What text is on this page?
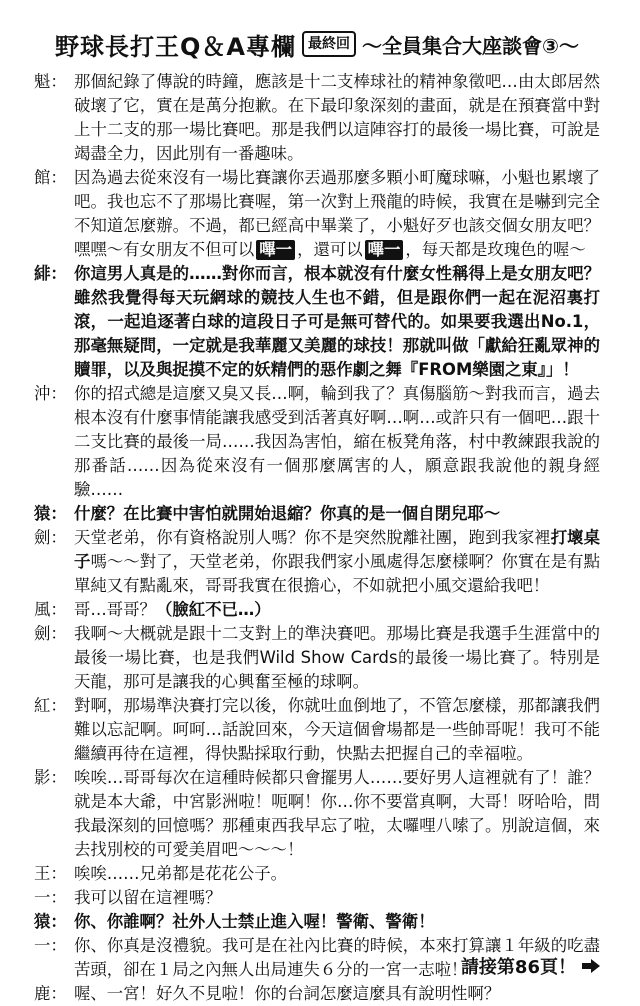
野球長打王Q＆A專欄 最終回 ～全員集合大座談會③～

魁： 那個紀錄了傳說的時鐘，應該是十二支棒球社的精神象徵吧…由太郎居然破壞了它，實在是萬分抱歉。在下最印象深刻的畫面，就是在預賽當中對上十二支的那一場比賽吧。那是我們以這陣容打的最後一場比賽，可說是竭盡全力，因此別有一番趣味。

館： 因為過去從來沒有一場比賽讓你丟過那麼多顆小町魔球嘛，小魁也累壞了吧。我也忘不了那場比賽喔，第一次對上飛龍的時候，我實在是嚇到完全不知道怎麼辦。不過，都已經高中畢業了，小魁好歹也該交個女朋友吧？嘿嘿～有女朋友不但可以 嗶一 ，還可以 嗶一 ，每天都是玫瑰色的喔～

緋： 你這男人真是的……對你而言，根本就沒有什麼女性稱得上是女朋友吧？雖然我覺得每天玩網球的競技人生也不錯，但是跟你們一起在泥沼裏打滾，一起追逐著白球的這段日子可是無可替代的。如果要我選出No.1，那毫無疑問，一定就是我華麗又美麗的球技！那就叫做「獻給狂亂眾神的贖罪，以及與捉摸不定的妖精們的惡作劇之舞『FROM樂園之東』」！

沖： 你的招式總是這麼又臭又長…啊，輪到我了？真傷腦筋～對我而言，過去根本沒有什麼事情能讓我感受到活著真好啊…啊…或許只有一個吧…跟十二支比賽的最後一局……我因為害怕，縮在板凳角落，村中教練跟我說的那番話……因為從來沒有一個那麼厲害的人，願意跟我說他的親身經驗……

猿： 什麼？在比賽中害怕就開始退縮？你真的是一個自閉兒耶～

劍： 天堂老弟，你有資格說別人嗎？你不是突然脫離社團，跑到我家裡打壞桌子嗎～～對了，天堂老弟，你跟我們家小風處得怎麼樣啊？你實在是有點單純又有點亂來，哥哥我實在很擔心，不如就把小風交還給我吧！

風： 哥…哥哥？（臉紅不已…）

劍： 我啊～大概就是跟十二支對上的準決賽吧。那場比賽是我選手生涯當中的最後一場比賽，也是我們Wild Show Cards的最後一場比賽了。特別是天龍，那可是讓我的心興奮至極的球啊。

紅： 對啊，那場準決賽打完以後，你就吐血倒地了，不管怎麼樣，那都讓我們難以忘記啊。呵呵…話說回來，今天這個會場都是一些帥哥呢！我可不能繼續再待在這裡，得快點採取行動，快點去把握自己的幸福啦。

影： 唉唉…哥哥每次在這種時候都只會擺男人……要好男人這裡就有了！誰？就是本大爺，中宮影洲啦！呃啊！你…你不要當真啊，大哥！呀哈哈，問我最深刻的回憶嗎？那種東西我早忘了啦，太囉哩八嗦了。別說這個，來去找別校的可愛美眉吧～～～！

王： 唉唉……兄弟都是花花公子。

一： 我可以留在這裡嗎？

猿： 你、你誰啊？社外人士禁止進入喔！警衛、警衛！

一： 你、你真是沒禮貌。我可是在社內比賽的時候，本來打算讓１年級的吃盡苦頭，卻在１局之內無人出局連失６分的一宮一志啦！

鹿： 喔、一宮！好久不見啦！你的台詞怎麼這麼具有說明性啊？

請接第86頁！
